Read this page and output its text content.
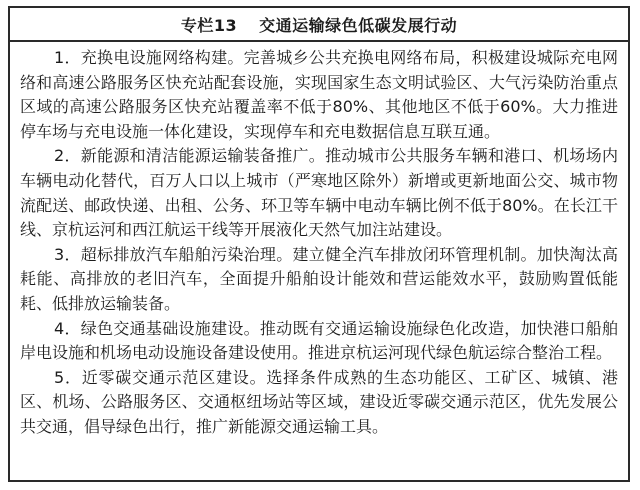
专栏13 交通运输绿色低碳发展行动

1．充换电设施网络构建。完善城乡公共充换电网络布局，积极建设城际充电网络和高速公路服务区快充站配套设施，实现国家生态文明试验区、大气污染防治重点区域的高速公路服务区快充站覆盖率不低于80%、其他地区不低于60%。大力推进停车场与充电设施一体化建设，实现停车和充电数据信息互联互通。

2．新能源和清洁能源运输装备推广。推动城市公共服务车辆和港口、机场场内车辆电动化替代，百万人口以上城市（严寒地区除外）新增或更新地面公交、城市物流配送、邮政快递、出租、公务、环卫等车辆中电动车辆比例不低于80%。在长江干线、京杭运河和西江航运干线等开展液化天然气加注站建设。

3．超标排放汽车船舶污染治理。建立健全汽车排放闭环管理机制。加快淘汰高耗能、高排放的老旧汽车，全面提升船舶设计能效和营运能效水平，鼓励购置低能耗、低排放运输装备。

4．绿色交通基础设施建设。推动既有交通运输设施绿色化改造，加快港口船舶岸电设施和机场电动设施设备建设使用。推进京杭运河现代绿色航运综合整治工程。

5．近零碳交通示范区建设。选择条件成熟的生态功能区、工矿区、城镇、港区、机场、公路服务区、交通枢纽场站等区域，建设近零碳交通示范区，优先发展公共交通，倡导绿色出行，推广新能源交通运输工具。
